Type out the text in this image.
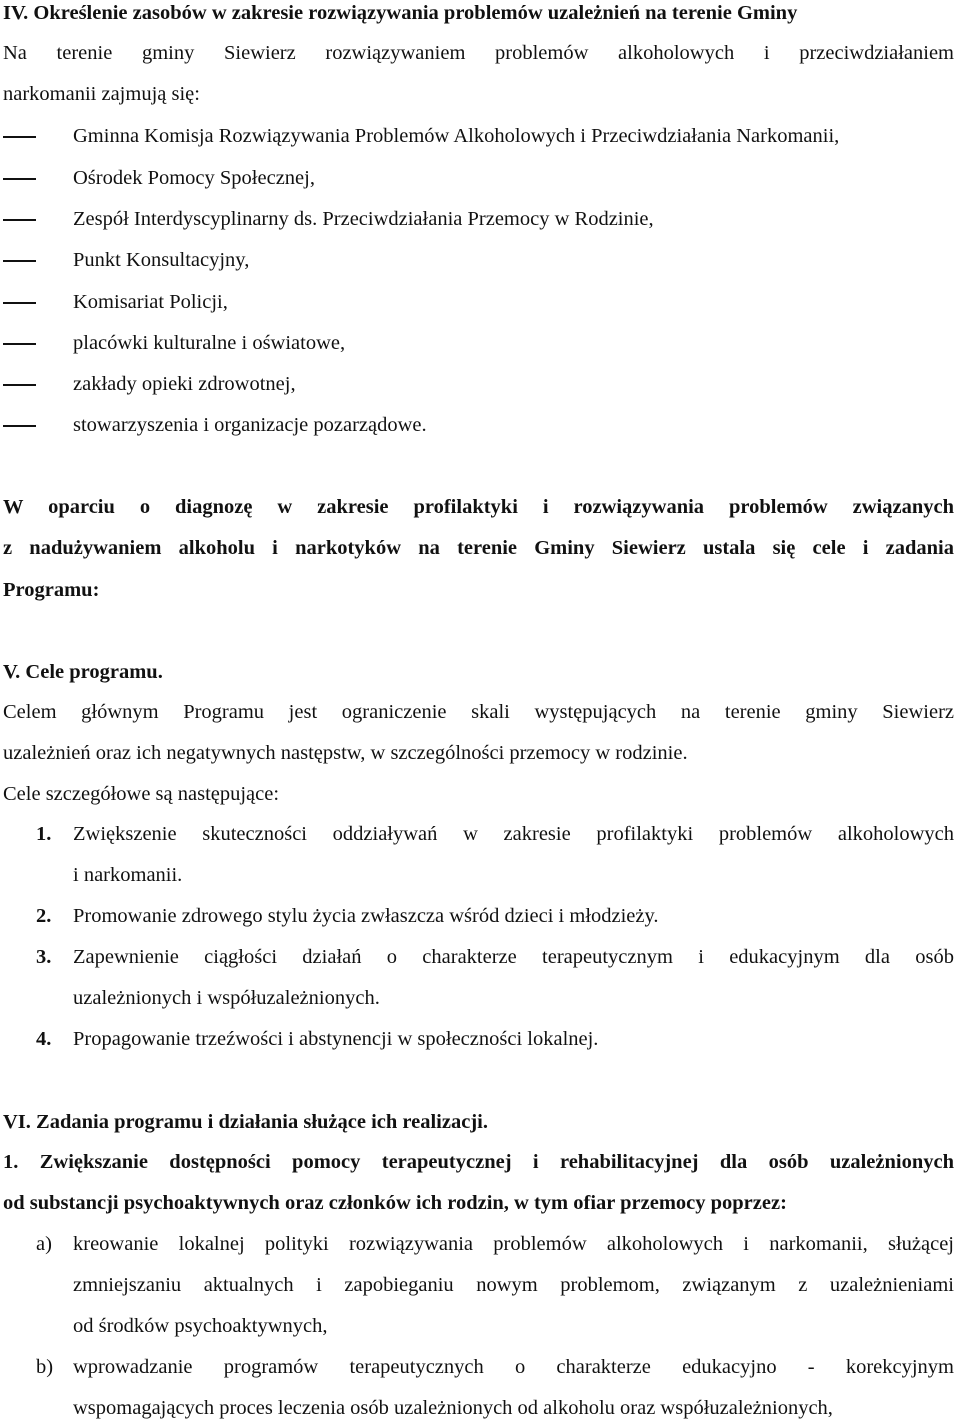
IV. Określenie zasobów w zakresie rozwiązywania problemów uzależnień na terenie Gminy
Na terenie gminy Siewierz rozwiązywaniem problemów alkoholowych i przeciwdziałaniem
narkomanii zajmują się:
Gminna Komisja Rozwiązywania Problemów Alkoholowych i Przeciwdziałania Narkomanii,
Ośrodek Pomocy Społecznej,
Zespół Interdyscyplinarny ds. Przeciwdziałania Przemocy w Rodzinie,
Punkt Konsultacyjny,
Komisariat Policji,
placówki kulturalne i oświatowe,
zakłady opieki zdrowotnej,
stowarzyszenia i organizacje pozarządowe.
W oparciu o diagnozę w zakresie profilaktyki i rozwiązywania problemów związanych
z nadużywaniem alkoholu i narkotyków na terenie Gminy Siewierz ustala się cele i zadania
Programu:
V. Cele programu.
Celem głównym Programu jest ograniczenie skali występujących na terenie gminy Siewierz
uzależnień oraz ich negatywnych następstw, w szczególności przemocy w rodzinie.
Cele szczegółowe są następujące:
1. Zwiększenie skuteczności oddziaływań w zakresie profilaktyki problemów alkoholowych
i narkomanii.
2. Promowanie zdrowego stylu życia zwłaszcza wśród dzieci i młodzieży.
3. Zapewnienie ciągłości działań o charakterze terapeutycznym i edukacyjnym dla osób
uzależnionych i współuzależnionych.
4. Propagowanie trzeźwości i abstynencji w społeczności lokalnej.
VI. Zadania programu i działania służące ich realizacji.
1. Zwiększanie dostępności pomocy terapeutycznej i rehabilitacyjnej dla osób uzależnionych
od substancji psychoaktywnych oraz członków ich rodzin, w tym ofiar przemocy poprzez:
a) kreowanie lokalnej polityki rozwiązywania problemów alkoholowych i narkomanii, służącej
zmniejszaniu aktualnych i zapobieganiu nowym problemom, związanym z uzależnieniami
od środków psychoaktywnych,
b) wprowadzanie programów terapeutycznych o charakterze edukacyjno - korekcyjnym
wspomagających proces leczenia osób uzależnionych od alkoholu oraz współuzależnionych,
